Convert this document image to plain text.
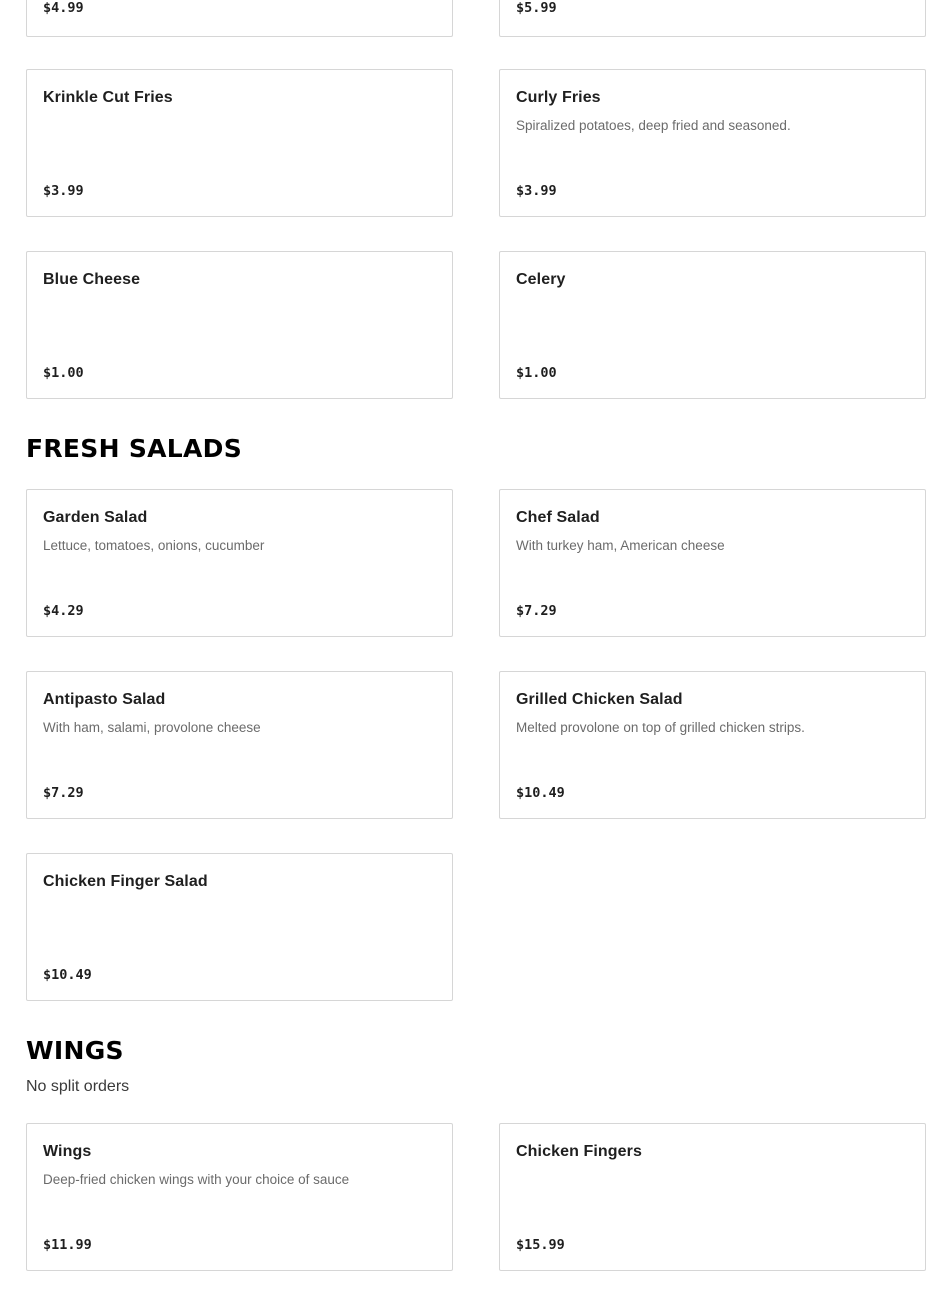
$4.99	$5.99
Krinkle Cut Fries
$3.99
Curly Fries
Spiralized potatoes, deep fried and seasoned.
$3.99
Blue Cheese
$1.00
Celery
$1.00
FRESH SALADS
Garden Salad
Lettuce, tomatoes, onions, cucumber
$4.29
Chef Salad
With turkey ham, American cheese
$7.29
Antipasto Salad
With ham, salami, provolone cheese
$7.29
Grilled Chicken Salad
Melted provolone on top of grilled chicken strips.
$10.49
Chicken Finger Salad
$10.49
WINGS
No split orders
Wings
Deep-fried chicken wings with your choice of sauce
$11.99
Chicken Fingers
$15.99
